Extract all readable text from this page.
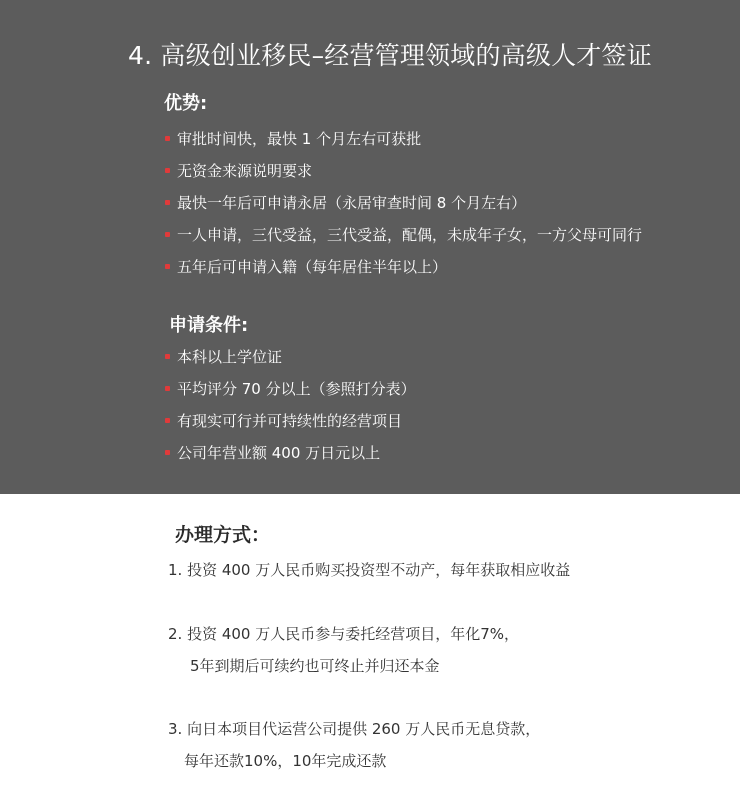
4. 高级创业移民–经营管理领域的高级人才签证
优势:
审批时间快，最快 1 个月左右可获批
无资金来源说明要求
最快一年后可申请永居（永居审查时间 8 个月左右）
一人申请，三代受益，三代受益，配偶，未成年子女，一方父母可同行
五年后可申请入籍（每年居住半年以上）
申请条件:
本科以上学位证
平均评分 70 分以上（参照打分表）
有现实可行并可持续性的经营项目
公司年营业额 400 万日元以上
办理方式：
1. 投资 400 万人民币购买投资型不动产，每年获取相应收益
2. 投资 400 万人民币参与委托经营项目，年化7%，
5年到期后可续约也可终止并归还本金
3. 向日本项目代运营公司提供 260 万人民币无息贷款，
每年还款10%，10年完成还款
